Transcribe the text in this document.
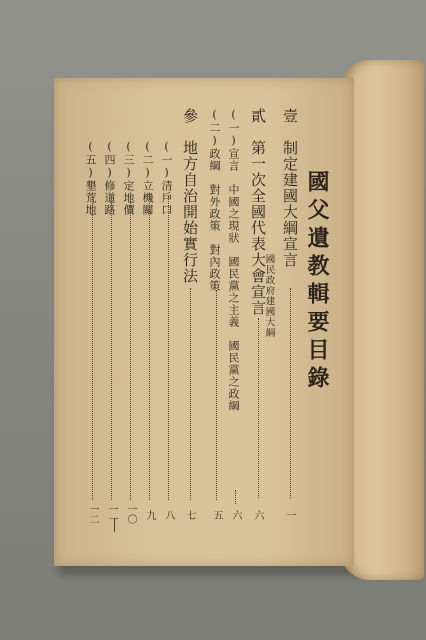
國父遺教輯要目錄
壹　制定建國大綱宣言
國民政府建國大綱
一
貳　第一次全國代表大會宣言
六
(一)宣言　中國之現狀　國民黨之主義　國民黨之政綱
六
(二)政綱　對外政策　對內政策
五
參　地方自治開始實行法
七
(一)清戶口
八
(二)立機關
九
(三)定地價
一〇
(四)修道路
一一
(五)墾荒地
一二
